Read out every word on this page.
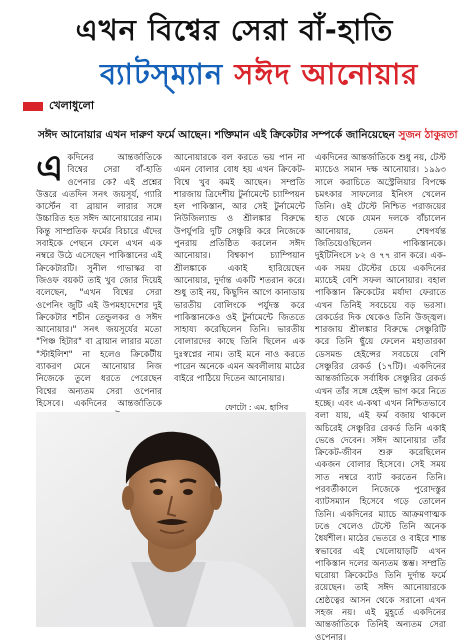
এখন বিশ্বের সেরা বাঁ-হাতি
ব্যাটস্‌ম্যান সঈদ আনোয়ার
খেলাধুলো
সঈদ আনোয়ার এখন দারুণ ফর্মে আছেন। শক্তিমান এই ক্রিকেটার সম্পর্কে জানিয়েছেন সুজন ঠাকুরতা
এ কদিনের আন্তর্জাতিকে বিশ্বের সেরা বাঁ-হাতি ওপেনার কে? এই প্রশ্নের উত্তরে এতদিন সনৎ জয়সূর্য, গ্যারি কার্স্টেন বা ব্রায়ান লারার সঙ্গে উচ্চারিত হত সঈদ আনোয়ারের নাম। কিন্তু সাম্প্রতিক ফর্মের বিচারে এঁদের সবাইকে পেছনে ফেলে এখন এক নম্বরে উঠে এসেছেন পাকিস্তানের এই ক্রিকেটারটি। সুনীল গাভাস্কর বা জিওফ বয়কট তাই খুব জোর দিয়েই বলেছেন, "এখন বিশ্বের সেরা ওপেনিং জুটি এই উপমহাদেশের দুই ক্রিকেটার শচীন তেন্ডুলকর ও সঈদ আনোয়ার।" সনৎ জয়সূর্যের মতো "পিঞ্চ হিটার" বা ব্রায়ান লারার মতো "স্টাইলিশ" না হলেও ক্রিকেটীয় ব্যাকরণ মেনে আনোয়ার নিজ নিজেকে তুলে ধরতে পেরেছেন বিশ্বের অন্যতম সেরা ওপেনার হিসেবে। একদিনের আন্তর্জাতিকে
আনোয়ারকে বল করতে ভয় পান না এমন বোলার বোধ হয় এখন ক্রিকেট-বিশ্বে খুব কমই আছেন। সম্প্রতি শারজায় ত্রিদেশীয় টুর্নামেন্টে চ্যাম্পিয়ন হল পাকিস্তান, আর সেই টুর্নামেন্টে নিউজিল্যান্ড ও শ্রীলঙ্কার বিরুদ্ধে উপর্যুপরি দুটি সেঞ্চুরি করে নিজেকে পুনরায় প্রতিষ্ঠিত করলেন সঈদ আনোয়ার। বিশ্বকাপ চ্যাম্পিয়ান শ্রীলঙ্কাকে একাই হারিয়েছেন আনোয়ার, দুর্দান্ত একটি শতরান করে। শুধু তাই নয়, কিছুদিন আগে কানাডায় ভারতীয় বোলিংকে পর্যুদস্ত করে পাকিস্তানকেও ওই টুর্নামেন্টে জিততে সাহায্য করেছিলেন তিনি। ভারতীয় বোলারদের কাছে তিনি ছিলেন এক দুঃস্বপ্নের নাম। তাই মনে নাও করতে পারেন অনেকে এমন অবলীলায় মাঠের বাইরে পাঠিয়ে দিতেন আনোয়ার।
একদিনের আন্তর্জাতিকে শুধু নয়, টেস্ট ম্যাচেও সমান দক্ষ আনোয়ার। ১৯৯৩ সালে করাচিতে অস্ট্রেলিয়ার বিপক্ষে চমৎকার সাফল্যের ইনিংস খেলেন তিনি। ওই টেস্টে নিশ্চিত পরাজয়ের হাত থেকে যেমন দলকে বাঁচালেন আনোয়ার, তেমন শেষপর্যন্ত জিতিয়েওছিলেন পাকিস্তানকে। দুইটিনিংসে ৮২ ও ৭৭ রান করে। এক-এক সময় টেস্টের চেয়ে একদিনের ম্যাচেই বেশি সফল আনোয়ার। বহাল পাকিস্তান ক্রিকেটের মর্যাদা ফেরাতে এখন তিনিই সবচেয়ে বড় ভরসা। রেকর্ডের দিক থেকেও তিনি উজ্জ্বল। শারজায় শ্রীলঙ্কার বিরুদ্ধে সেঞ্চুরিটি করে তিনি ছুঁয়ে ফেলেন মহাতারকা ডেসমন্ড হেইন্সের সবচেয়ে বেশি সেঞ্চুরির রেকর্ড (১৭টি)। একদিনের আন্তর্জাতিকে সর্বাধিক সেঞ্চুরির রেকর্ড এখন তাঁর সঙ্গে হেইন্স ভাগ করে নিতে হচ্ছে। এবং এ-কথা এখন নিশ্চিতভাবে বলা যায়, এই ফর্ম বজায় থাকলে অচিরেই সেঞ্চুরির রেকর্ড তিনি একাই ভেঙে দেবেন। সঈদ আনোয়ার তাঁর ক্রিকেট-জীবন শুরু করেছিলেন একজন বোলার হিসেবে। সেই সময় সাত নম্বরে ব্যাট করতেন তিনি। পরবর্তীকালে নিজেকে পুরোদস্তুর ব্যাটসম্যান হিসেবে গড়ে তোলেন তিনি। একদিনের ম্যাচে আক্রমণাত্মক ঢঙে খেলেও টেস্টে তিনি অনেক ধৈর্যশীল। মাঠের ভেতরে ও বাইরে শান্ত স্বভাবের এই খেলোয়াড়টি এখন পাকিস্তান দলের অন্যতম স্তম্ভ। সম্প্রতি ঘরোয়া ক্রিকেটেও তিনি দুর্দান্ত ফর্মে রয়েছেন। তাই সঈদ আনোয়ারকে শ্রেষ্ঠত্বের আসন থেকে সরানো এখন সহজ নয়। এই মুহূর্তে একদিনের আন্তর্জাতিকে তিনিই অন্যতম সেরা ওপেনার।
ফোটো : এম. হাসিব
